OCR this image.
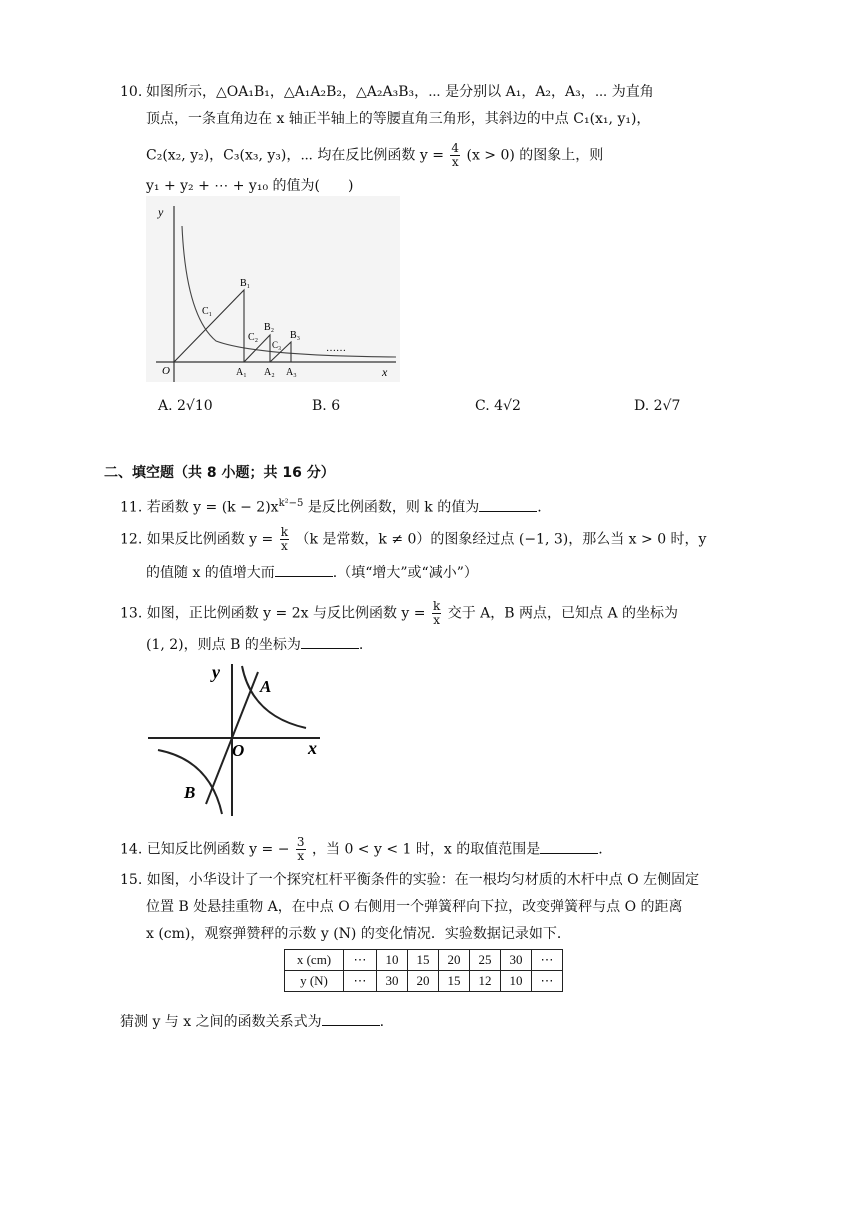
10. 如图所示，△OA₁B₁，△A₁A₂B₂，△A₂A₃B₃，⋯ 是分别以 A₁，A₂，A₃，⋯ 为直角
顶点，一条直角边在 x 轴正半轴上的等腰直角三角形，其斜边的中点 C₁(x₁, y₁)，
C₂(x₂, y₂)，C₃(x₃, y₃)，⋯ 均在反比例函数 $y = \frac{4}{x} (x > 0)$ 的图象上，则
y₁ + y₂ + ⋯ + y₁₀ 的值为( )
y
x
O
B₁
C₁
B₂
C₂
C₃
B₃
A₁ A₂ A₃
……
A. 2√10	B. 6	C. 4√2	D. 2√7
二、填空题（共 8 小题；共 16 分）
11. 若函数 $y = (k - 2)x^{k^2-5}$ 是反比例函数，则 k 的值为	.
12. 如果反比例函数 $y = \frac{k}{x} (k$ 是常数，k ≠ 0）的图象经过点 (−1, 3)，那么当 x > 0 时，y
的值随 x 的值增大而	.（填“增大”或“减小”）
13. 如图，正比例函数 y = 2x 与反比例函数 $y = \frac{k}{x}$ 交于 A，B 两点，已知点 A 的坐标为
(1, 2)，则点 B 的坐标为	.
y
x
O
A
B
14. 已知反比例函数 y = − $\frac{3}{x}$ ，当 0 < y < 1 时，x 的取值范围是	.
15. 如图，小华设计了一个探究杠杆平衡条件的实验：在一根均匀材质的木杆中点 O 左侧固定
位置 B 处悬挂重物 A，在中点 O 右侧用一个弹簧秤向下拉，改变弹簧秤与点 O 的距离
x (cm)，观察弹赞秤的示数 y (N) 的变化情况．实验数据记录如下．
x (cm)	⋯	10	15	20	25	30	⋯
y (N)	⋯	30	20	15	12	10	⋯
猜测 y 与 x 之间的函数关系式为	.
